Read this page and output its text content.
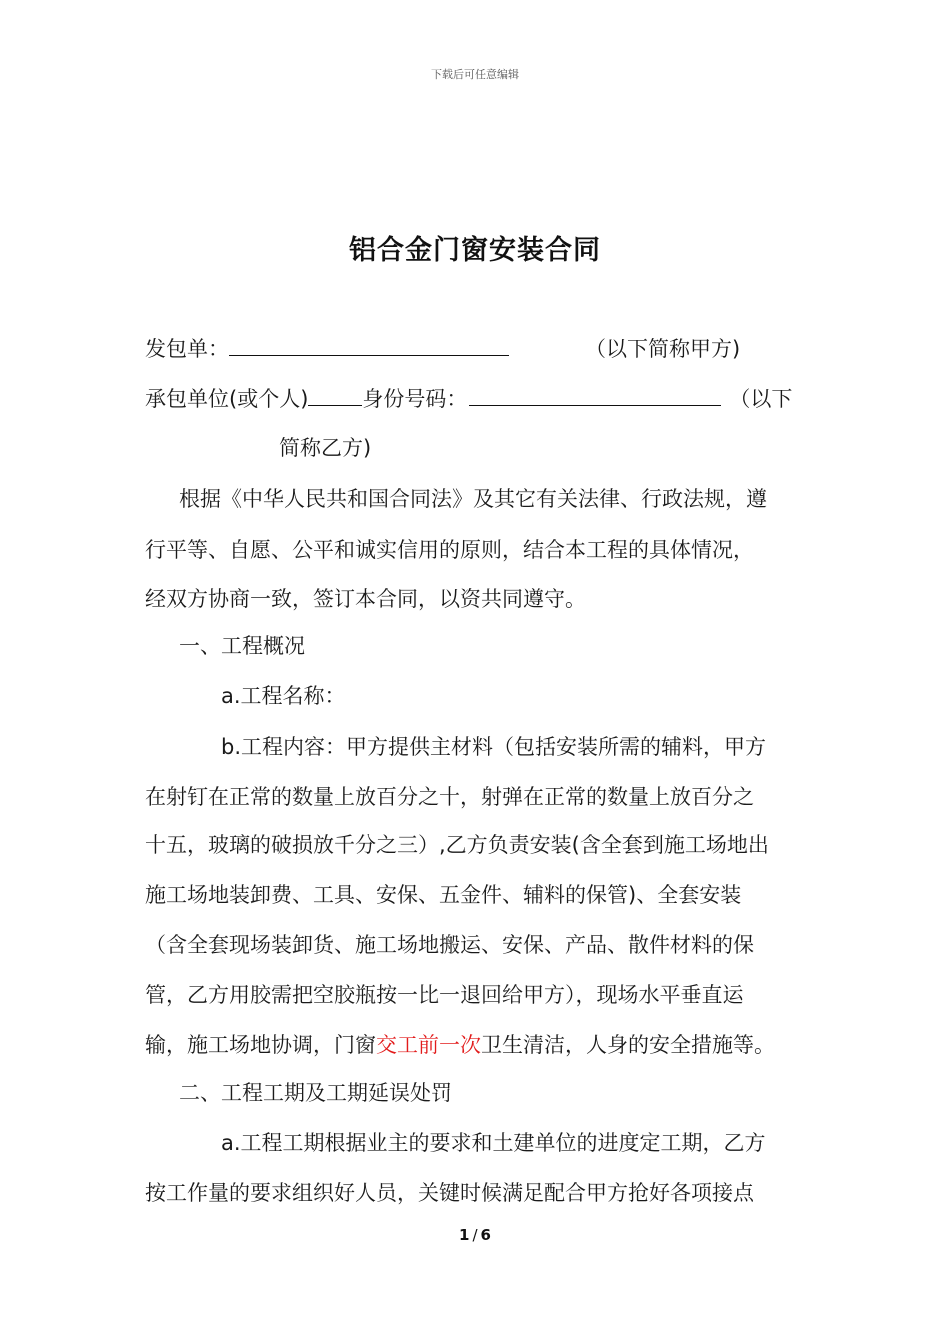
下载后可任意编辑
铝合金门窗安装合同
发包单：	（以下简称甲方)
承包单位(或个人)	身份号码：	（以下
简称乙方)
根据《中华人民共和国合同法》及其它有关法律、行政法规，遵
行平等、自愿、公平和诚实信用的原则，结合本工程的具体情况，
经双方协商一致，签订本合同，以资共同遵守。
一、工程概况
a.工程名称：
b.工程内容：甲方提供主材料（包括安装所需的辅料，甲方
在射钉在正常的数量上放百分之十，射弹在正常的数量上放百分之
十五，玻璃的破损放千分之三）,乙方负责安装(含全套到施工场地出
施工场地装卸费、工具、安保、五金件、辅料的保管)、全套安装
（含全套现场装卸货、施工场地搬运、安保、产品、散件材料的保
管，乙方用胶需把空胶瓶按一比一退回给甲方），现场水平垂直运
输，施工场地协调，门窗交工前一次卫生清洁，人身的安全措施等。
二、工程工期及工期延误处罚
a.工程工期根据业主的要求和土建单位的进度定工期，乙方
按工作量的要求组织好人员，关键时候满足配合甲方抢好各项接点
1 / 6
